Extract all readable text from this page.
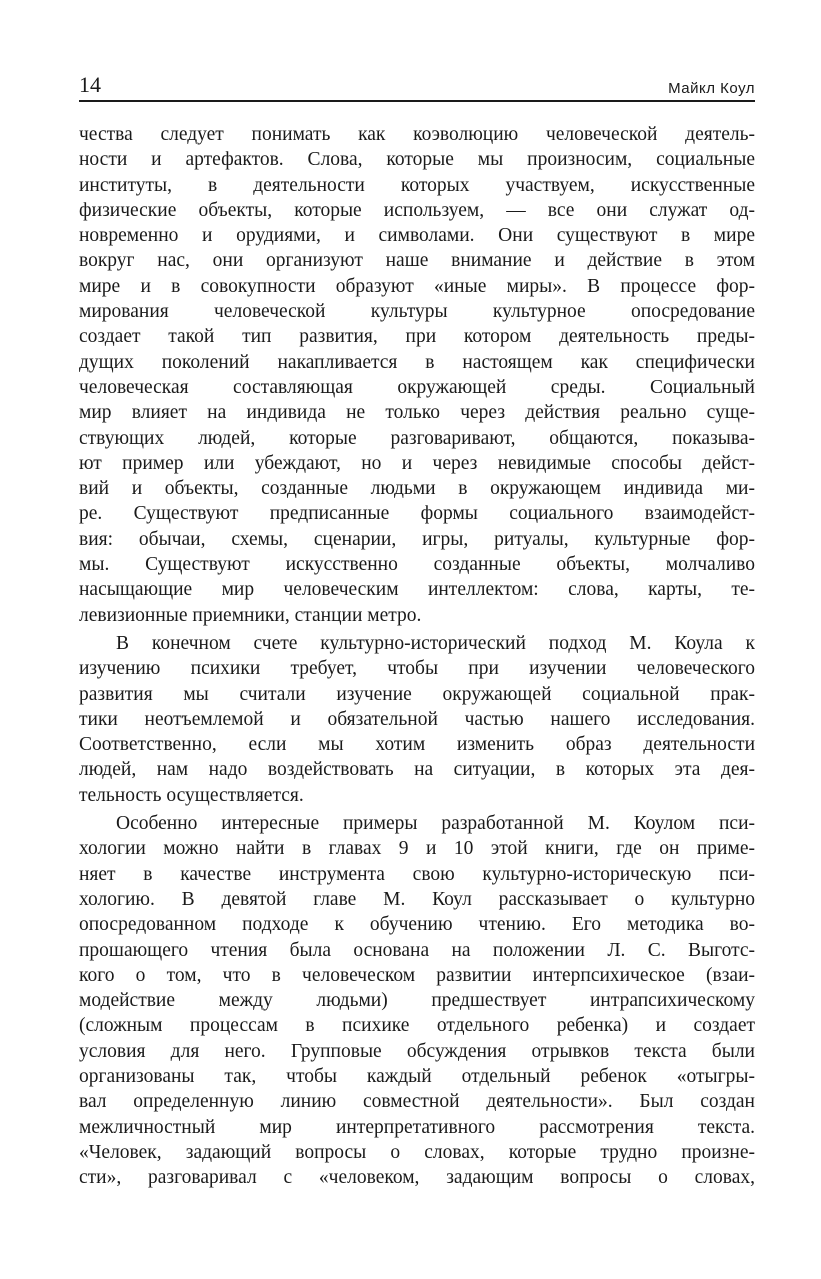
14	Майкл Коул
чества следует понимать как коэволюцию человеческой деятель-
ности и артефактов. Слова, которые мы произносим, социальные
институты, в деятельности которых участвуем, искусственные
физические объекты, которые используем, — все они служат од-
новременно и орудиями, и символами. Они существуют в мире
вокруг нас, они организуют наше внимание и действие в этом
мире и в совокупности образуют «иные миры». В процессе фор-
мирования человеческой культуры культурное опосредование
создает такой тип развития, при котором деятельность преды-
дущих поколений накапливается в настоящем как специфически
человеческая составляющая окружающей среды. Социальный
мир влияет на индивида не только через действия реально суще-
ствующих людей, которые разговаривают, общаются, показыва-
ют пример или убеждают, но и через невидимые способы дейст-
вий и объекты, созданные людьми в окружающем индивида ми-
ре. Существуют предписанные формы социального взаимодейст-
вия: обычаи, схемы, сценарии, игры, ритуалы, культурные фор-
мы. Существуют искусственно созданные объекты, молчаливо
насыщающие мир человеческим интеллектом: слова, карты, те-
левизионные приемники, станции метро.
В конечном счете культурно-исторический подход М. Коула к
изучению психики требует, чтобы при изучении человеческого
развития мы считали изучение окружающей социальной прак-
тики неотъемлемой и обязательной частью нашего исследования.
Соответственно, если мы хотим изменить образ деятельности
людей, нам надо воздействовать на ситуации, в которых эта дея-
тельность осуществляется.
Особенно интересные примеры разработанной М. Коулом пси-
хологии можно найти в главах 9 и 10 этой книги, где он приме-
няет в качестве инструмента свою культурно-историческую пси-
хологию. В девятой главе М. Коул рассказывает о культурно
опосредованном подходе к обучению чтению. Его методика во-
прошающего чтения была основана на положении Л. С. Выготс-
кого о том, что в человеческом развитии интерпсихическое (взаи-
модействие между людьми) предшествует интрапсихическому
(сложным процессам в психике отдельного ребенка) и создает
условия для него. Групповые обсуждения отрывков текста были
организованы так, чтобы каждый отдельный ребенок «отыгры-
вал определенную линию совместной деятельности». Был создан
межличностный мир интерпретативного рассмотрения текста.
«Человек, задающий вопросы о словах, которые трудно произне-
сти», разговаривал с «человеком, задающим вопросы о словах,
